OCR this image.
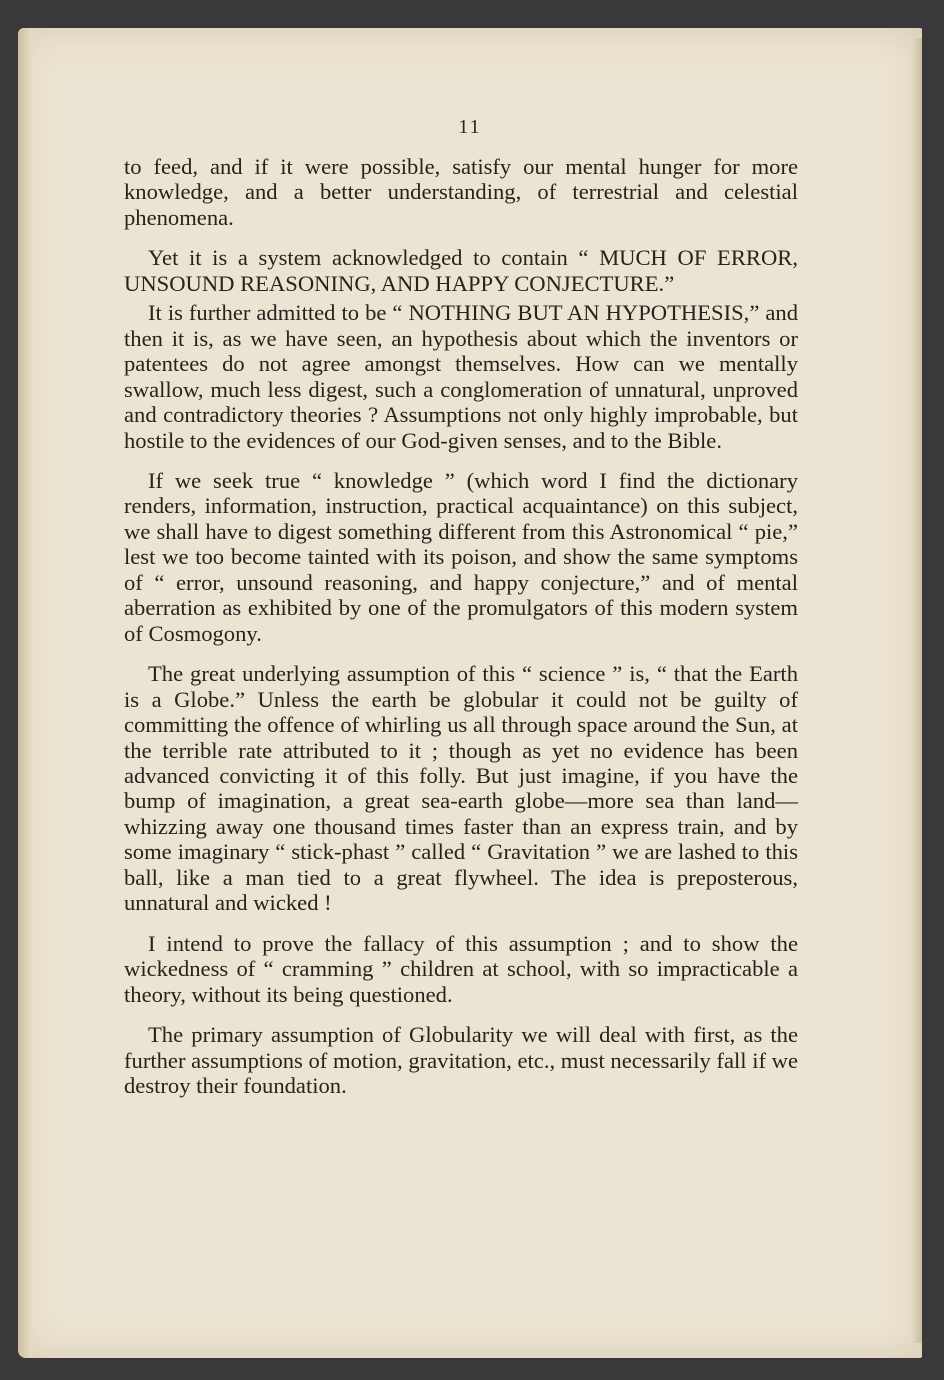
11

to feed, and if it were possible, satisfy our mental hunger for more knowledge, and a better understanding, of terrestrial and celestial phenomena.

Yet it is a system acknowledged to contain “ MUCH OF ERROR, UNSOUND REASONING, AND HAPPY CONJECTURE.”

It is further admitted to be “ NOTHING BUT AN HYPOTHESIS,” and then it is, as we have seen, an hypothesis about which the inventors or patentees do not agree amongst themselves. How can we mentally swallow, much less digest, such a conglomeration of unnatural, unproved and contradictory theories ? Assumptions not only highly improbable, but hostile to the evidences of our God-given senses, and to the Bible.

If we seek true “ knowledge ” (which word I find the dictionary renders, information, instruction, practical acquaintance) on this subject, we shall have to digest something different from this Astronomical “ pie,” lest we too become tainted with its poison, and show the same symptoms of “ error, unsound reasoning, and happy conjecture,” and of mental aberration as exhibited by one of the promulgators of this modern system of Cosmogony.

The great underlying assumption of this “ science ” is, “ that the Earth is a Globe.” Unless the earth be globular it could not be guilty of committing the offence of whirling us all through space around the Sun, at the terrible rate attributed to it ; though as yet no evidence has been advanced convicting it of this folly. But just imagine, if you have the bump of imagination, a great sea-earth globe—more sea than land—whizzing away one thousand times faster than an express train, and by some imaginary “ stick-phast ” called “ Gravitation ” we are lashed to this ball, like a man tied to a great flywheel. The idea is preposterous, unnatural and wicked !

I intend to prove the fallacy of this assumption ; and to show the wickedness of “ cramming ” children at school, with so impracticable a theory, without its being questioned.

The primary assumption of Globularity we will deal with first, as the further assumptions of motion, gravitation, etc., must necessarily fall if we destroy their foundation.
